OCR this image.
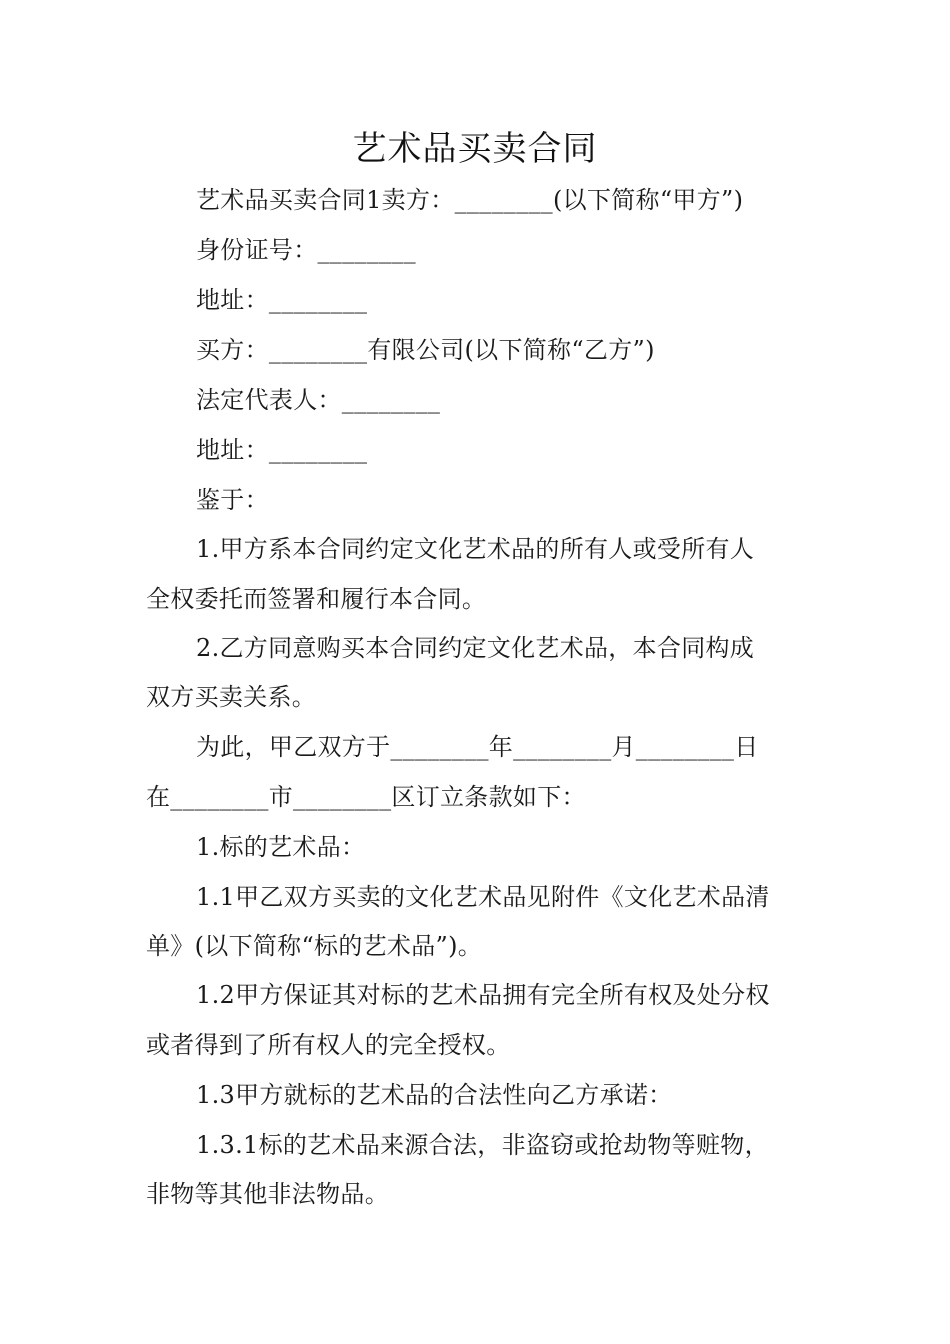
艺术品买卖合同
艺术品买卖合同1卖方：________(以下简称“甲方”)
身份证号：________
地址：________
买方：________有限公司(以下简称“乙方”)
法定代表人：________
地址：________
鉴于：
1.甲方系本合同约定文化艺术品的所有人或受所有人
全权委托而签署和履行本合同。
2.乙方同意购买本合同约定文化艺术品，本合同构成
双方买卖关系。
为此，甲乙双方于________年________月________日
在________市________区订立条款如下：
1.标的艺术品：
1.1甲乙双方买卖的文化艺术品见附件《文化艺术品清
单》(以下简称“标的艺术品”)。
1.2甲方保证其对标的艺术品拥有完全所有权及处分权
或者得到了所有权人的完全授权。
1.3甲方就标的艺术品的合法性向乙方承诺：
1.3.1标的艺术品来源合法，非盗窃或抢劫物等赃物，
非物等其他非法物品。
